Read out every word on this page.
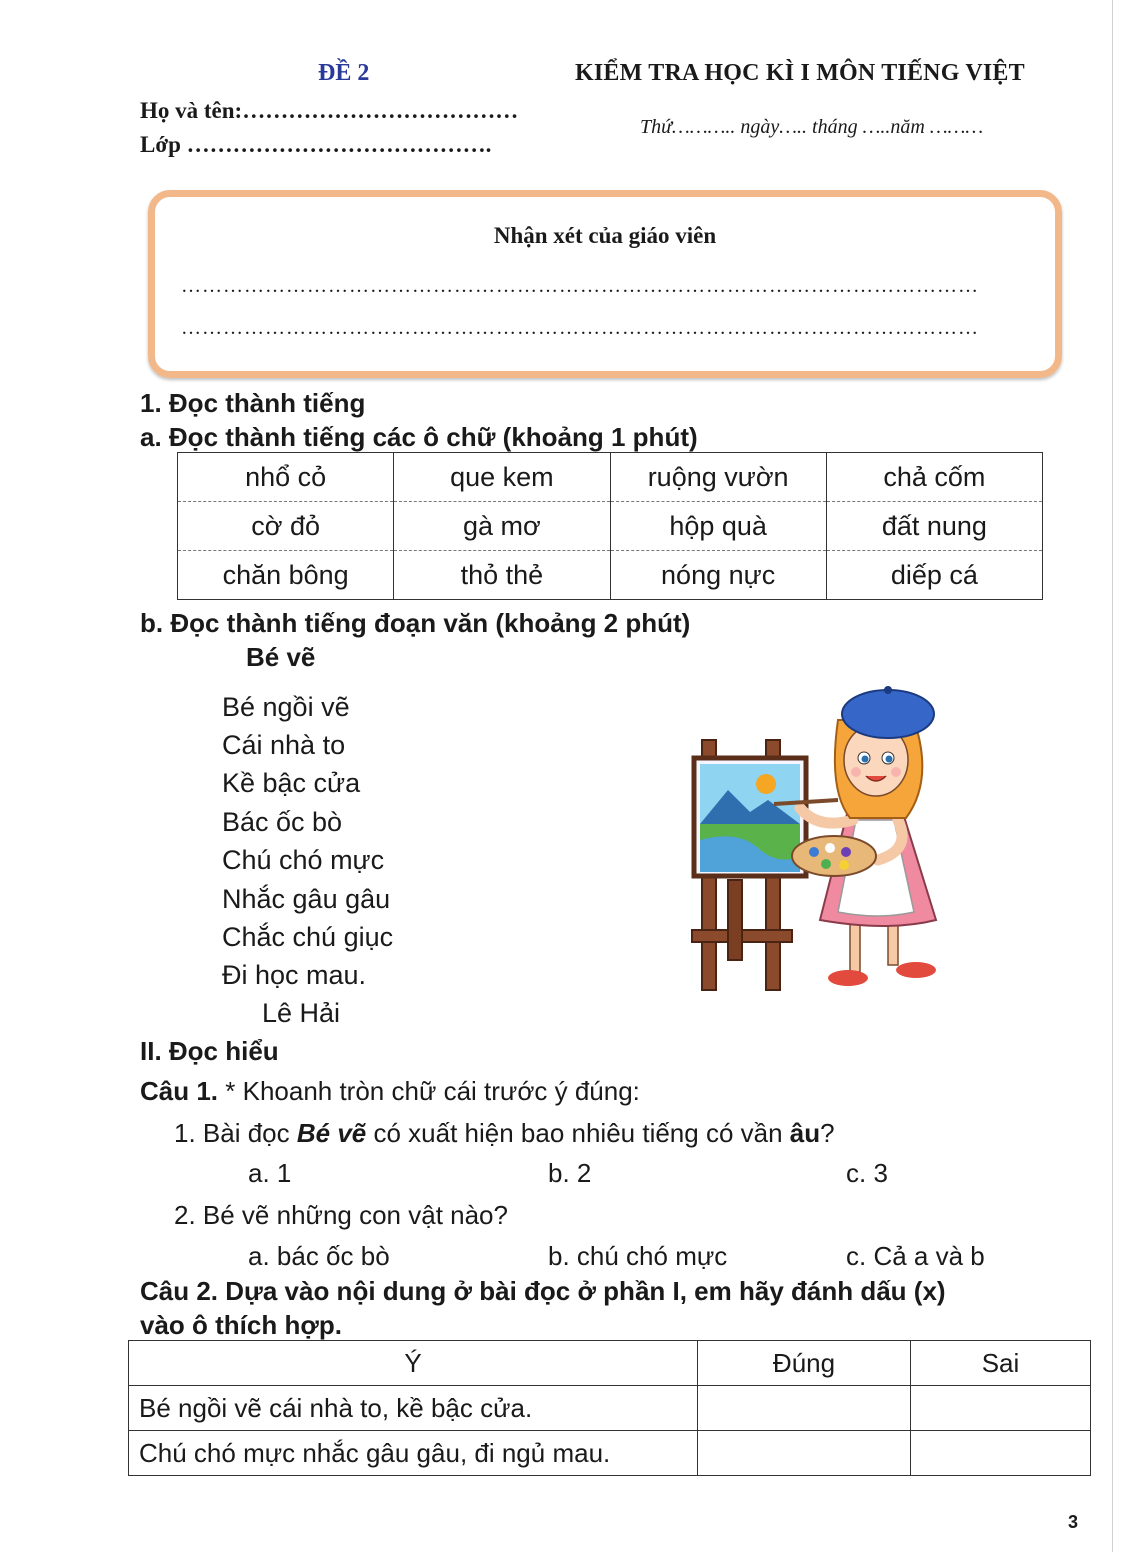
ĐỀ 2	KIỂM TRA HỌC KÌ I MÔN TIẾNG VIỆT
Họ và tên:………………………………
Lớp ………………………………….
Thứ……….. ngày….. tháng …..năm ………
Nhận xét của giáo viên
……………………………………………………………………………………………………
……………………………………………………………………………………………………
1. Đọc thành tiếng
a. Đọc thành tiếng các ô chữ (khoảng 1 phút)
nhổ cỏ	que kem	ruộng vườn	chả cốm
cờ đỏ	gà mơ	hộp quà	đất nung
chăn bông	thỏ thẻ	nóng nực	diếp cá
b. Đọc thành tiếng đoạn văn (khoảng 2 phút)
Bé vẽ
Bé ngồi vẽ
Cái nhà to
Kề bậc cửa
Bác ốc bò
Chú chó mực
Nhắc gâu gâu
Chắc chú giục
Đi học mau.
Lê Hải
II. Đọc hiểu
Câu 1. * Khoanh tròn chữ cái trước ý đúng:
1. Bài đọc Bé vẽ có xuất hiện bao nhiêu tiếng có vần âu?
a. 1	b. 2	c. 3
2. Bé vẽ những con vật nào?
a. bác ốc bò	b. chú chó mực	c. Cả a và b
Câu 2. Dựa vào nội dung ở bài đọc ở phần I, em hãy đánh dấu (x)
vào ô thích hợp.
Ý	Đúng	Sai
Bé ngồi vẽ cái nhà to, kề bậc cửa.		
Chú chó mực nhắc gâu gâu, đi ngủ mau.		
3
